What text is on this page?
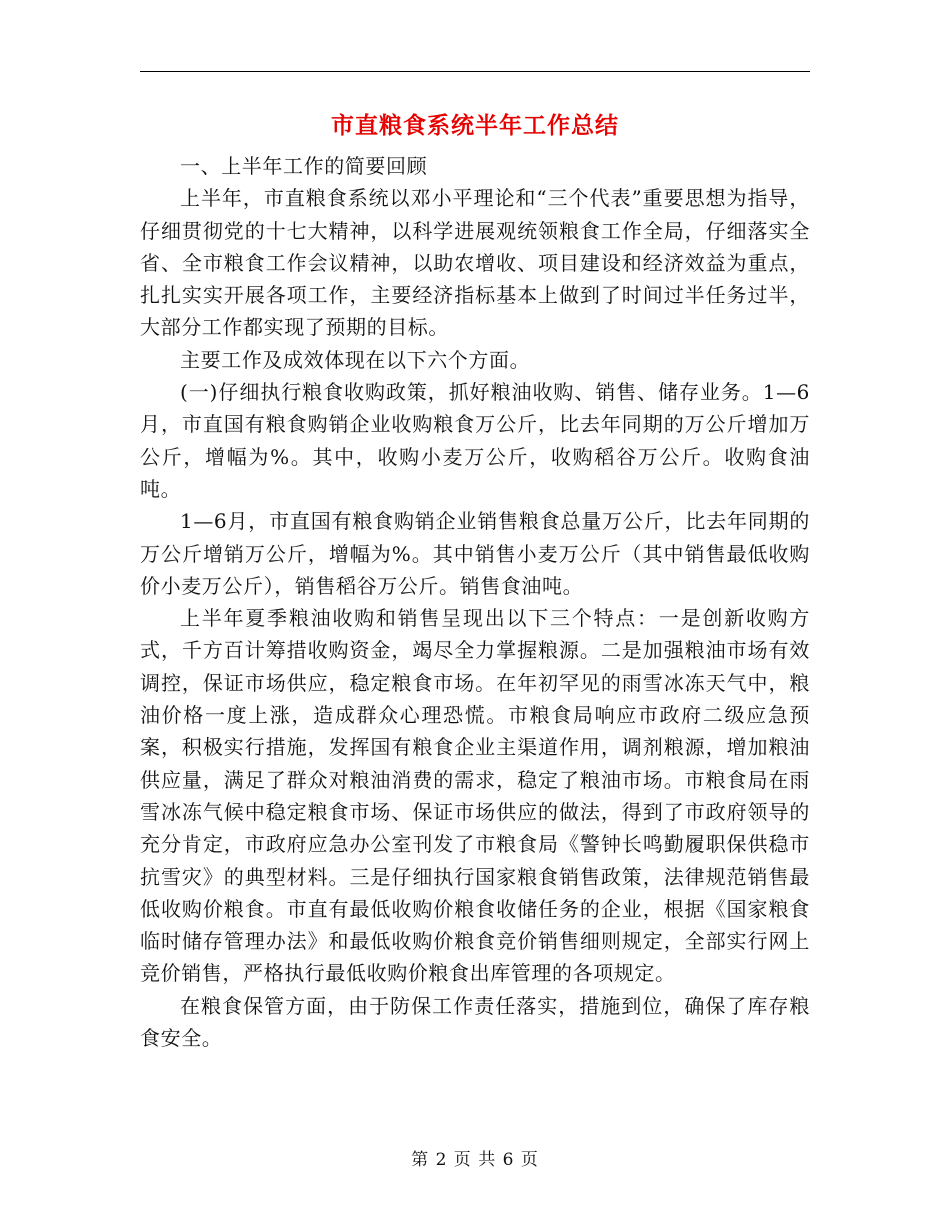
市直粮食系统半年工作总结

一、上半年工作的简要回顾

上半年，市直粮食系统以邓小平理论和“三个代表”重要思想为指导，仔细贯彻党的十七大精神，以科学进展观统领粮食工作全局，仔细落实全省、全市粮食工作会议精神，以助农增收、项目建设和经济效益为重点，扎扎实实开展各项工作，主要经济指标基本上做到了时间过半任务过半，大部分工作都实现了预期的目标。

主要工作及成效体现在以下六个方面。

(一)仔细执行粮食收购政策，抓好粮油收购、销售、储存业务。1—6月，市直国有粮食购销企业收购粮食万公斤，比去年同期的万公斤增加万公斤，增幅为%。其中，收购小麦万公斤，收购稻谷万公斤。收购食油吨。

1—6月，市直国有粮食购销企业销售粮食总量万公斤，比去年同期的万公斤增销万公斤，增幅为%。其中销售小麦万公斤（其中销售最低收购价小麦万公斤），销售稻谷万公斤。销售食油吨。

上半年夏季粮油收购和销售呈现出以下三个特点：一是创新收购方式，千方百计筹措收购资金，竭尽全力掌握粮源。二是加强粮油市场有效调控，保证市场供应，稳定粮食市场。在年初罕见的雨雪冰冻天气中，粮油价格一度上涨，造成群众心理恐慌。市粮食局响应市政府二级应急预案，积极实行措施，发挥国有粮食企业主渠道作用，调剂粮源，增加粮油供应量，满足了群众对粮油消费的需求，稳定了粮油市场。市粮食局在雨雪冰冻气候中稳定粮食市场、保证市场供应的做法，得到了市政府领导的充分肯定，市政府应急办公室刊发了市粮食局《警钟长鸣勤履职保供稳市抗雪灾》的典型材料。三是仔细执行国家粮食销售政策，法律规范销售最低收购价粮食。市直有最低收购价粮食收储任务的企业，根据《国家粮食临时储存管理办法》和最低收购价粮食竞价销售细则规定，全部实行网上竞价销售，严格执行最低收购价粮食出库管理的各项规定。

在粮食保管方面，由于防保工作责任落实，措施到位，确保了库存粮食安全。

第 2 页 共 6 页
